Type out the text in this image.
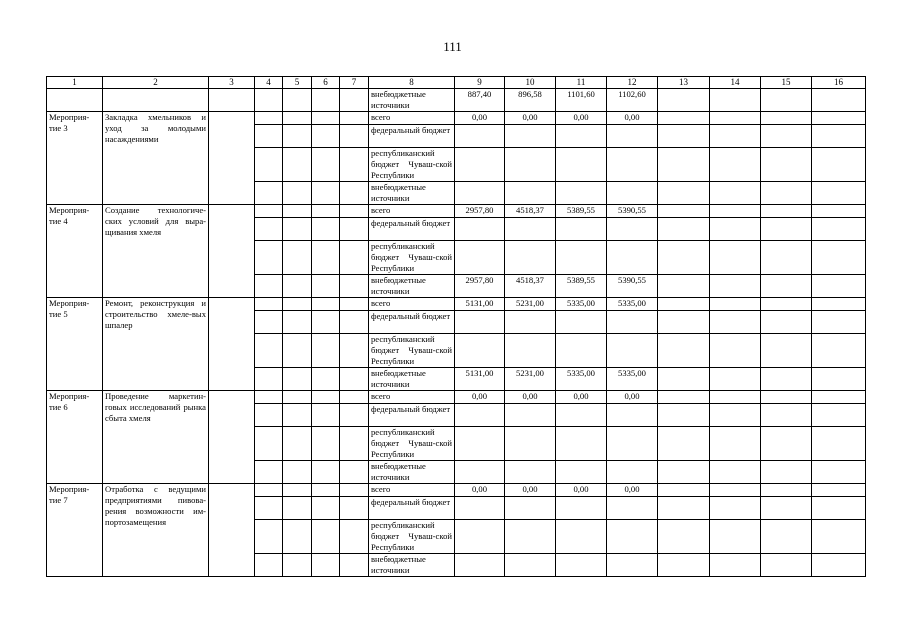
111
1	2	3	4	5	6	7	8	9	10	11	12	13	14	15	16
							внебюджетные источники	887,40	896,58	1101,60	1102,60				
Мероприя-тие 3	Закладка хмельников и уход за молодыми насаждениями						всего	0,00	0,00	0,00	0,00				
							федеральный бюджет								
							республиканский бюджет Чуваш-ской Республики								
							внебюджетные источники								
Мероприя-тие 4	Создание технологиче-ских условий для выра-щивания хмеля						всего	2957,80	4518,37	5389,55	5390,55				
							федеральный бюджет								
							республиканский бюджет Чуваш-ской Республики								
							внебюджетные источники	2957,80	4518,37	5389,55	5390,55				
Мероприя-тие 5	Ремонт, реконструкция и строительство хмеле-вых шпалер						всего	5131,00	5231,00	5335,00	5335,00				
							федеральный бюджет								
							республиканский бюджет Чуваш-ской Республики								
							внебюджетные источники	5131,00	5231,00	5335,00	5335,00				
Мероприя-тие 6	Проведение маркетин-говых исследований рынка сбыта хмеля						всего	0,00	0,00	0,00	0,00				
							федеральный бюджет								
							республиканский бюджет Чуваш-ской Республики								
							внебюджетные источники								
Мероприя-тие 7	Отработка с ведущими предприятиями пивова-рения возможности им-портозамещения						всего	0,00	0,00	0,00	0,00				
							федеральный бюджет								
							республиканский бюджет Чуваш-ской Республики								
							внебюджетные источники								
